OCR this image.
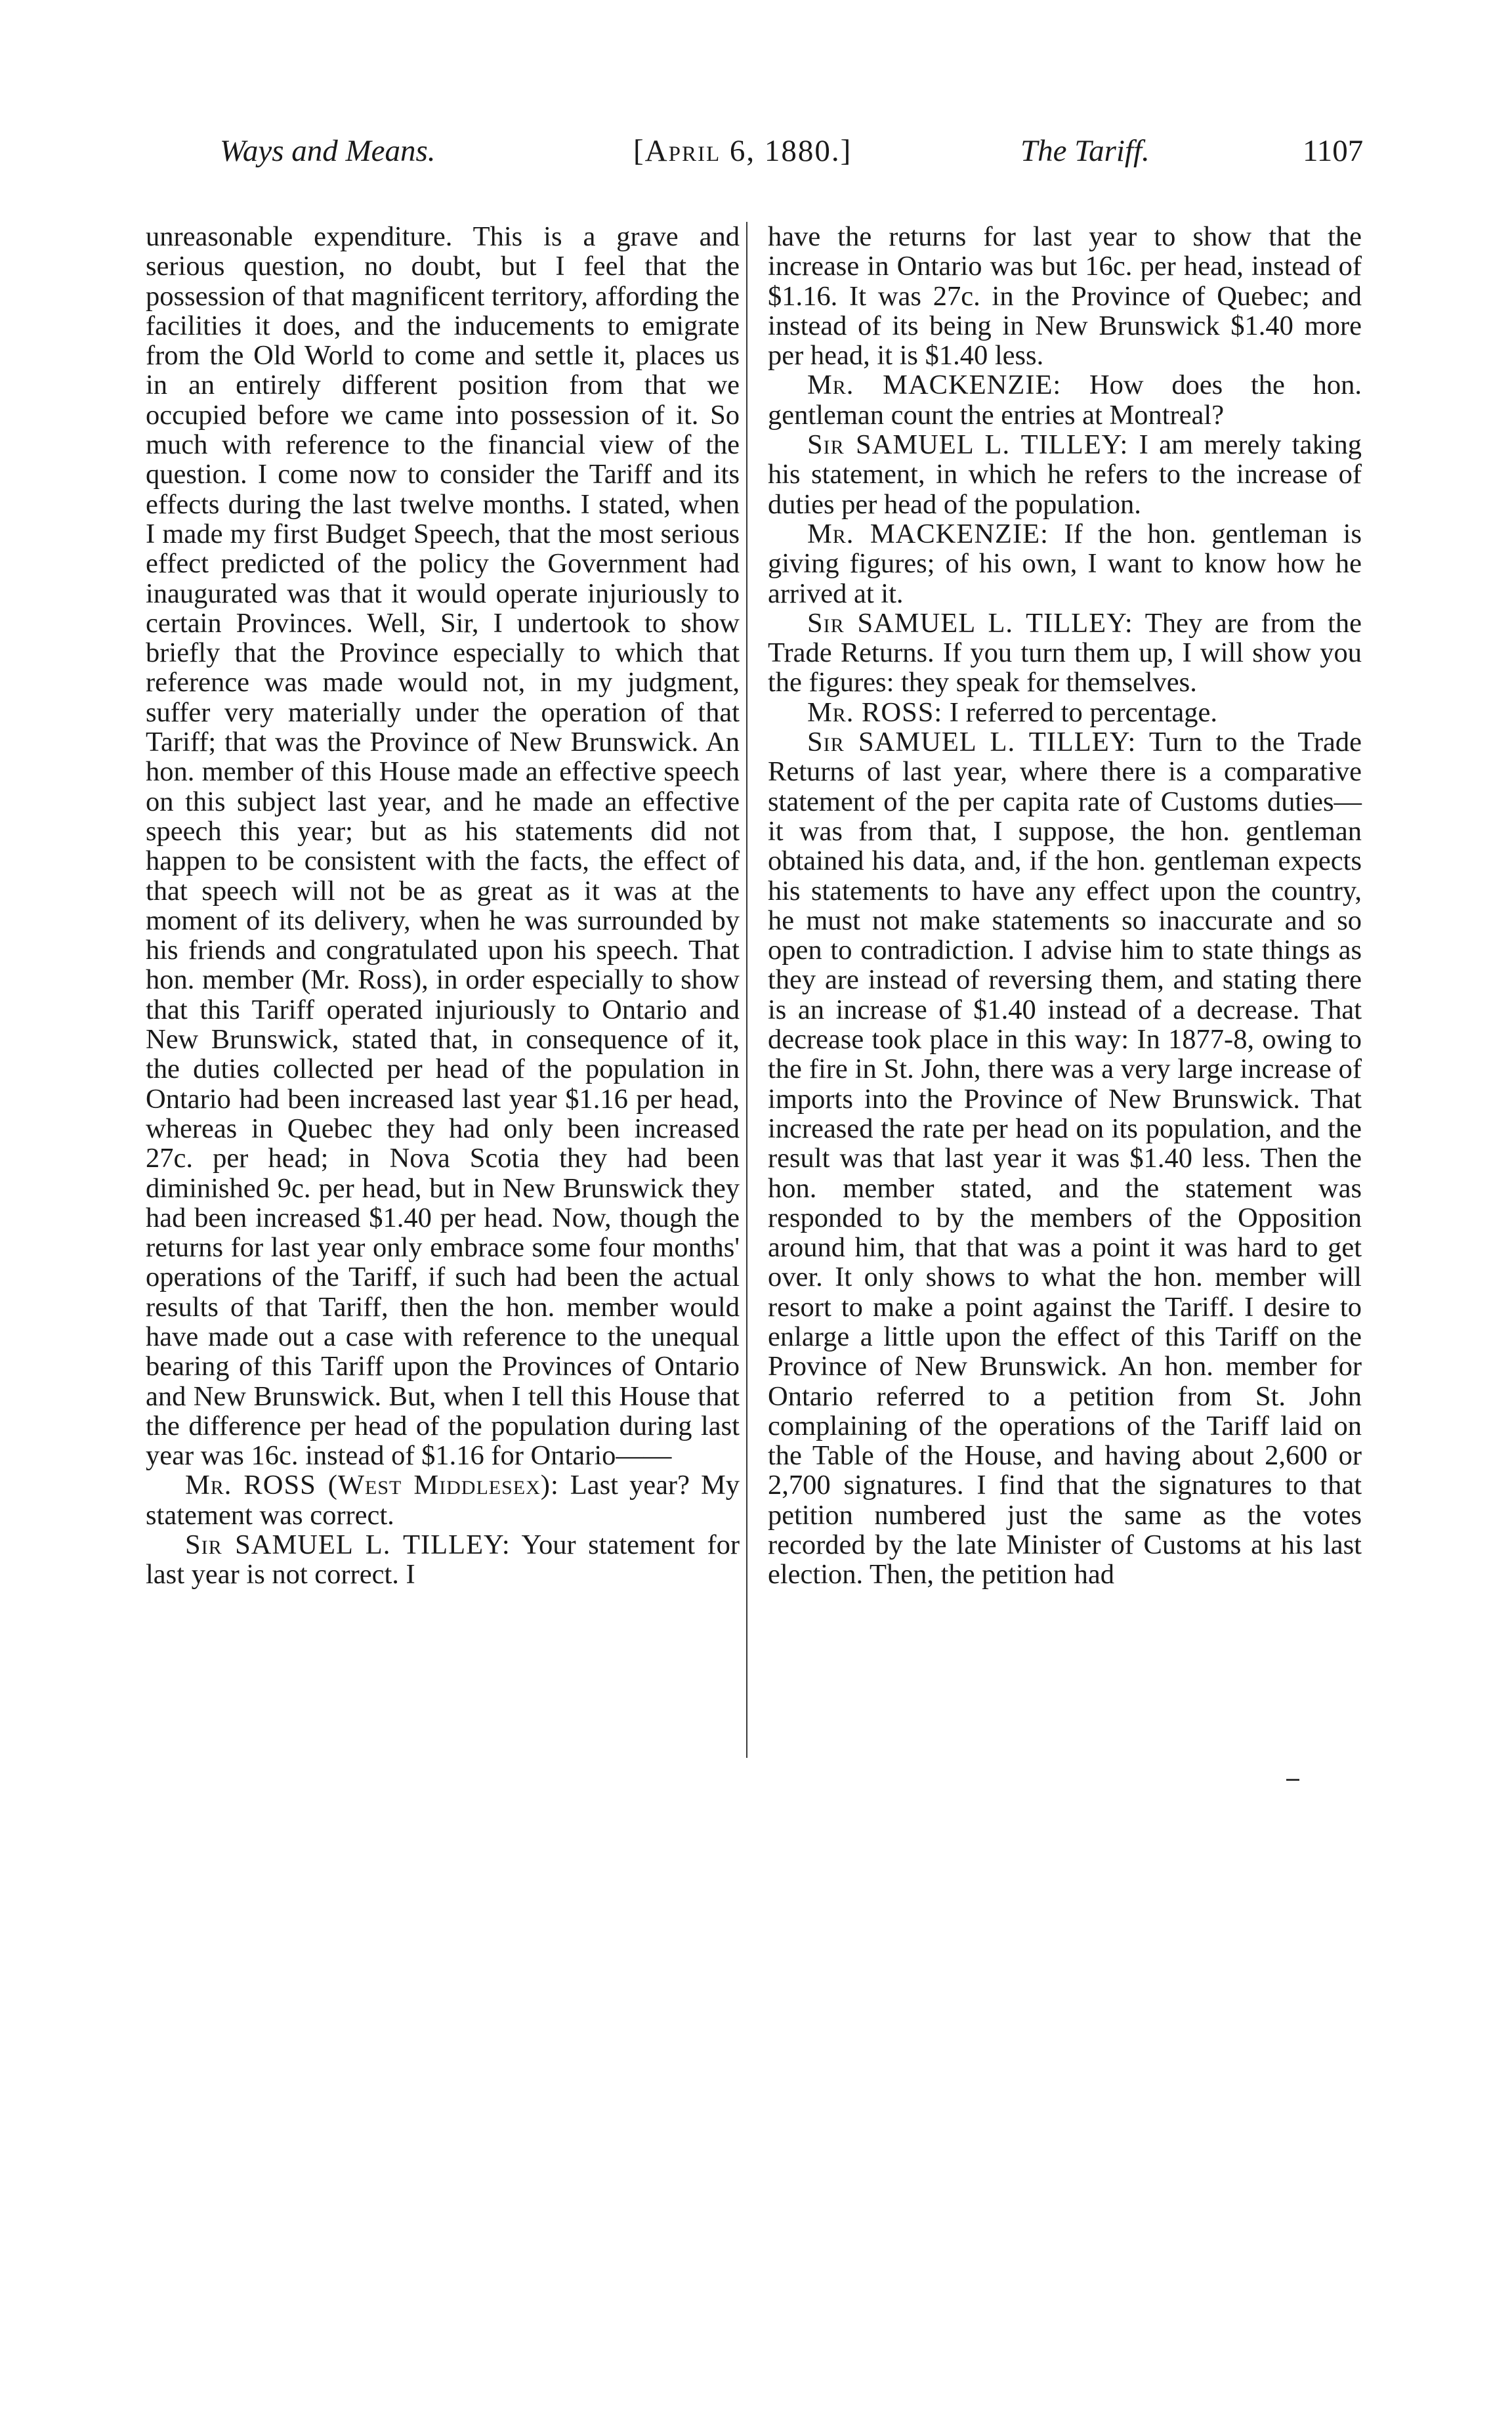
Ways and Means.	[April 6, 1880.]	The Tariff.	1107

unreasonable expenditure. This is a grave and serious question, no doubt, but I feel that the possession of that magnificent territory, affording the facilities it does, and the inducements to emigrate from the Old World to come and settle it, places us in an entirely different position from that we occupied before we came into possession of it. So much with reference to the financial view of the question. I come now to consider the Tariff and its effects during the last twelve months. I stated, when I made my first Budget Speech, that the most serious effect predicted of the policy the Government had inaugurated was that it would operate injuriously to certain Provinces. Well, Sir, I undertook to show briefly that the Province especially to which that reference was made would not, in my judgment, suffer very materially under the operation of that Tariff; that was the Province of New Brunswick. An hon. member of this House made an effective speech on this subject last year, and he made an effective speech this year; but as his statements did not happen to be consistent with the facts, the effect of that speech will not be as great as it was at the moment of its delivery, when he was surrounded by his friends and congratulated upon his speech. That hon. member (Mr. Ross), in order especially to show that this Tariff operated injuriously to Ontario and New Brunswick, stated that, in consequence of it, the duties collected per head of the population in Ontario had been increased last year $1.16 per head, whereas in Quebec they had only been increased 27c. per head; in Nova Scotia they had been diminished 9c. per head, but in New Brunswick they had been increased $1.40 per head. Now, though the returns for last year only embrace some four months' operations of the Tariff, if such had been the actual results of that Tariff, then the hon. member would have made out a case with reference to the unequal bearing of this Tariff upon the Provinces of Ontario and New Brunswick. But, when I tell this House that the difference per head of the population during last year was 16c. instead of $1.16 for Ontario——

Mr. ROSS (West Middlesex): Last year? My statement was correct.

Sir SAMUEL L. TILLEY: Your statement for last year is not correct. I

have the returns for last year to show that the increase in Ontario was but 16c. per head, instead of $1.16. It was 27c. in the Province of Quebec; and instead of its being in New Brunswick $1.40 more per head, it is $1.40 less.

Mr. MACKENZIE: How does the hon. gentleman count the entries at Montreal?

Sir SAMUEL L. TILLEY: I am merely taking his statement, in which he refers to the increase of duties per head of the population.

Mr. MACKENZIE: If the hon. gentleman is giving figures; of his own, I want to know how he arrived at it.

Sir SAMUEL L. TILLEY: They are from the Trade Returns. If you turn them up, I will show you the figures: they speak for themselves.

Mr. ROSS: I referred to percentage.

Sir SAMUEL L. TILLEY: Turn to the Trade Returns of last year, where there is a comparative statement of the per capita rate of Customs duties—it was from that, I suppose, the hon. gentleman obtained his data, and, if the hon. gentleman expects his statements to have any effect upon the country, he must not make statements so inaccurate and so open to contradiction. I advise him to state things as they are instead of reversing them, and stating there is an increase of $1.40 instead of a decrease. That decrease took place in this way: In 1877-8, owing to the fire in St. John, there was a very large increase of imports into the Province of New Brunswick. That increased the rate per head on its population, and the result was that last year it was $1.40 less. Then the hon. member stated, and the statement was responded to by the members of the Opposition around him, that that was a point it was hard to get over. It only shows to what the hon. member will resort to make a point against the Tariff. I desire to enlarge a little upon the effect of this Tariff on the Province of New Brunswick. An hon. member for Ontario referred to a petition from St. John complaining of the operations of the Tariff laid on the Table of the House, and having about 2,600 or 2,700 signatures. I find that the signatures to that petition numbered just the same as the votes recorded by the late Minister of Customs at his last election. Then, the petition had
